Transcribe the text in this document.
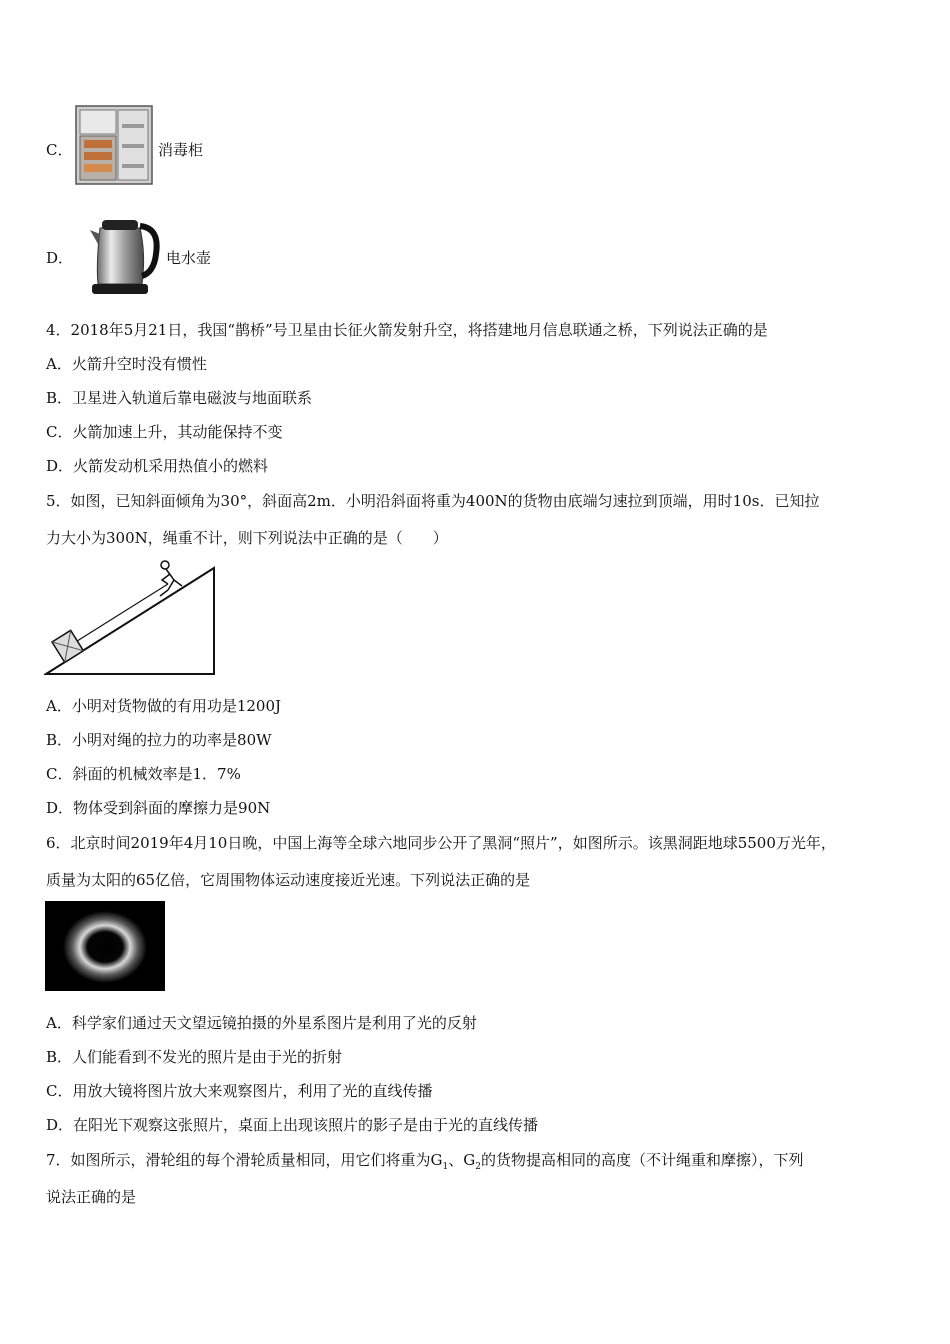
C．	消毒柜
D．	电水壶
4．2018年5月21日，我国“鹊桥”号卫星由长征火箭发射升空，将搭建地月信息联通之桥，下列说法正确的是
A．火箭升空时没有惯性
B．卫星进入轨道后靠电磁波与地面联系
C．火箭加速上升，其动能保持不变
D．火箭发动机采用热值小的燃料
5．如图，已知斜面倾角为30°，斜面高2m．小明沿斜面将重为400N的货物由底端匀速拉到顶端，用时10s．已知拉
力大小为300N，绳重不计，则下列说法中正确的是（　　）
A．小明对货物做的有用功是1200J
B．小明对绳的拉力的功率是80W
C．斜面的机械效率是1．7%
D．物体受到斜面的摩擦力是90N
6．北京时间2019年4月10日晚，中国上海等全球六地同步公开了黑洞“照片”，如图所示。该黑洞距地球5500万光年，
质量为太阳的65亿倍，它周围物体运动速度接近光速。下列说法正确的是
A．科学家们通过天文望远镜拍摄的外星系图片是利用了光的反射
B．人们能看到不发光的照片是由于光的折射
C．用放大镜将图片放大来观察图片，利用了光的直线传播
D．在阳光下观察这张照片，桌面上出现该照片的影子是由于光的直线传播
7．如图所示，滑轮组的每个滑轮质量相同，用它们将重为$G_1$、$G_2$的货物提高相同的高度（不计绳重和摩擦），下列
说法正确的是
